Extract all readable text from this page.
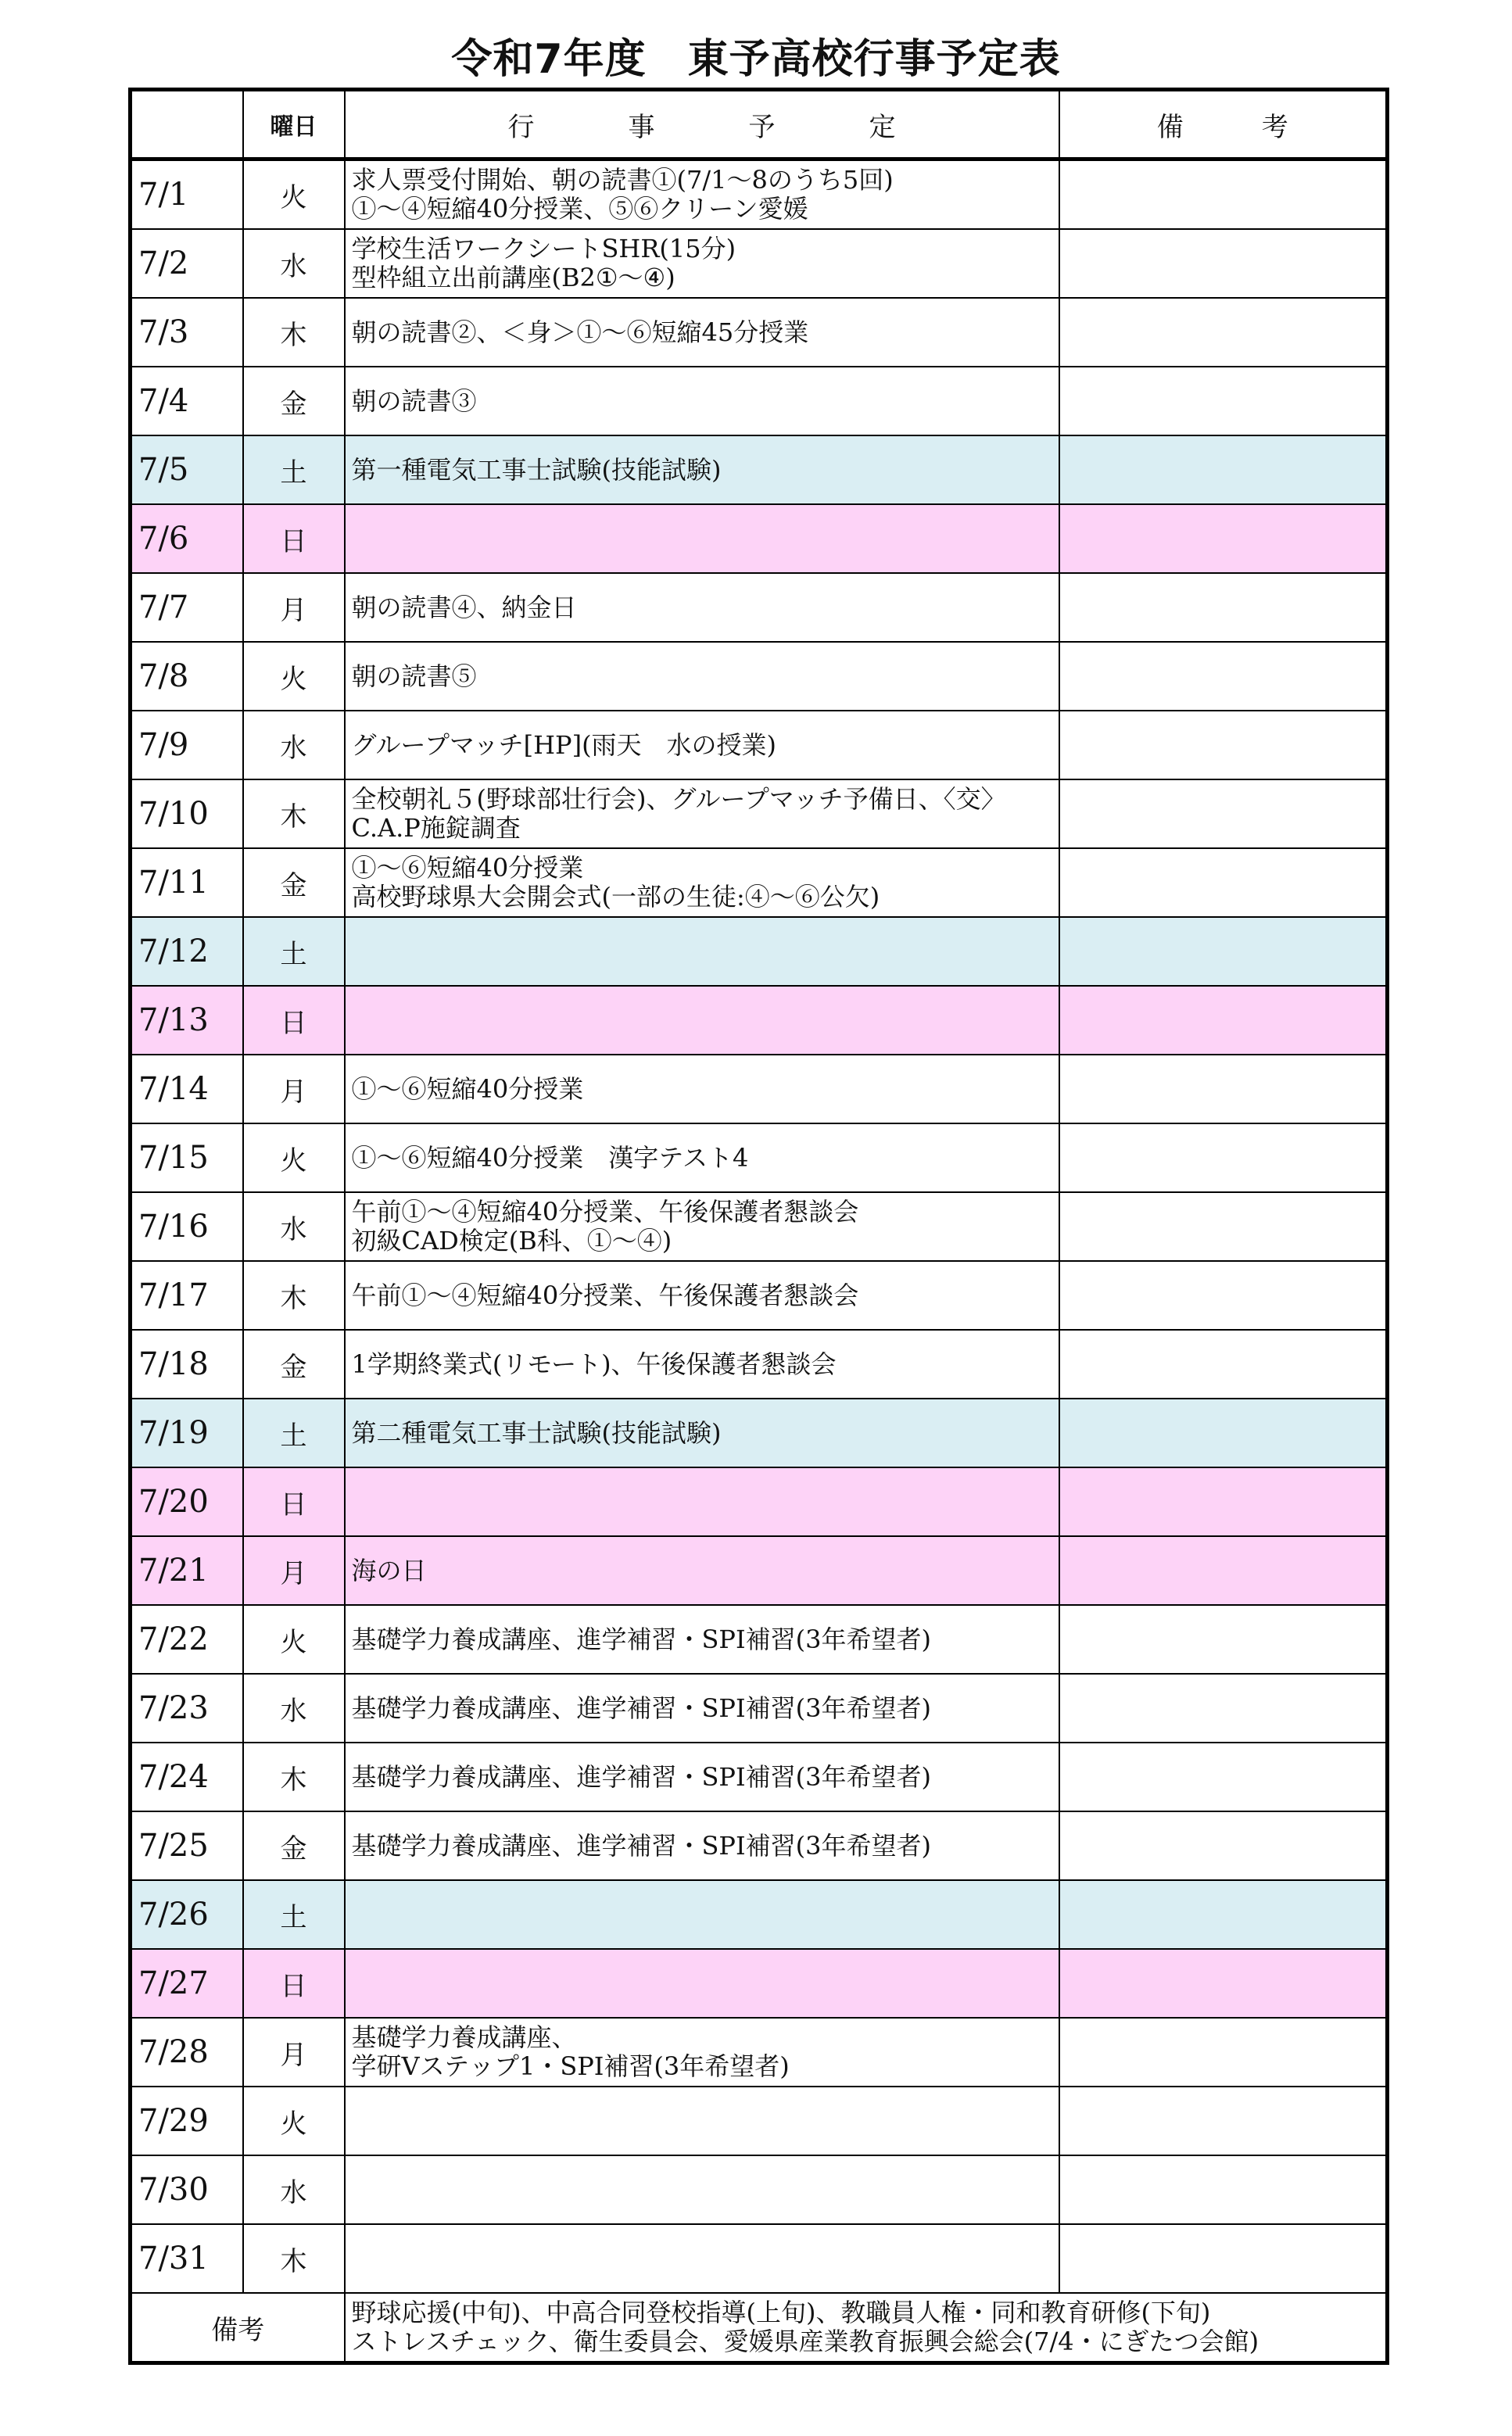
令和7年度　東予高校行事予定表
	曜日	行事予定	備考
7/1	火	求人票受付開始、朝の読書①(7/1～8のうち5回)
①～④短縮40分授業、⑤⑥クリーン愛媛	

7/2	水	学校生活ワークシートSHR(15分)
型枠組立出前講座(B2①～④)	

7/3	木	朝の読書②、＜身＞①～⑥短縮45分授業	

7/4	金	朝の読書③	

7/5	土	第一種電気工事士試験(技能試験)	

7/6	日		
7/7	月	朝の読書④、納金日	

7/8	火	朝の読書⑤	

7/9	水	グループマッチ[HP](雨天　水の授業)	

7/10	木	全校朝礼５(野球部壮行会)、グループマッチ予備日、〈交〉
C.A.P施錠調査	

7/11	金	①～⑥短縮40分授業
高校野球県大会開会式(一部の生徒:④～⑥公欠)	

7/12	土		
7/13	日		
7/14	月	①～⑥短縮40分授業	

7/15	火	①～⑥短縮40分授業　漢字テスト4	

7/16	水	午前①～④短縮40分授業、午後保護者懇談会
初級CAD検定(B科、①～④)	

7/17	木	午前①～④短縮40分授業、午後保護者懇談会	

7/18	金	1学期終業式(リモート)、午後保護者懇談会	

7/19	土	第二種電気工事士試験(技能試験)	

7/20	日		
7/21	月	海の日	

7/22	火	基礎学力養成講座、進学補習・SPI補習(3年希望者)	

7/23	水	基礎学力養成講座、進学補習・SPI補習(3年希望者)	

7/24	木	基礎学力養成講座、進学補習・SPI補習(3年希望者)	

7/25	金	基礎学力養成講座、進学補習・SPI補習(3年希望者)	

7/26	土		
7/27	日		
7/28	月	基礎学力養成講座、
学研Vステップ1・SPI補習(3年希望者)	

7/29	火		
7/30	水		
7/31	木		
備考		野球応援(中旬)、中高合同登校指導(上旬)、教職員人権・同和教育研修(下旬)
ストレスチェック、衛生委員会、愛媛県産業教育振興会総会(7/4・にぎたつ会館)	
